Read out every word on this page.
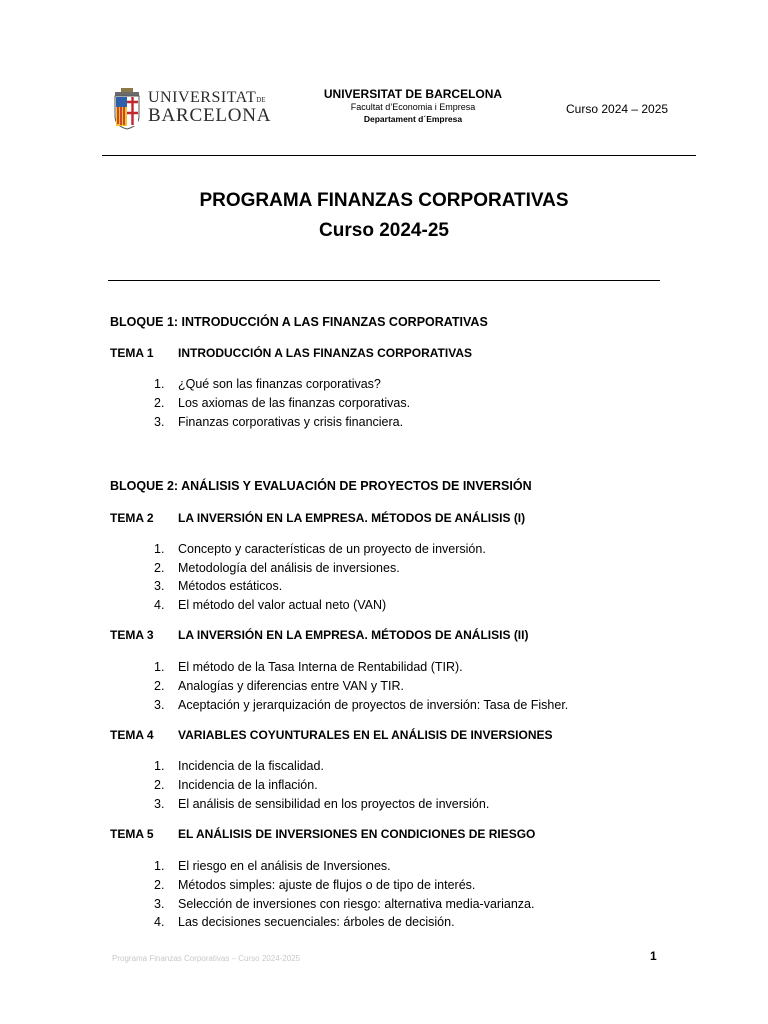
UNIVERSITATDE
BARCELONA
UNIVERSITAT DE BARCELONA
Facultat d’Economia i Empresa
Departament d´Empresa
Curso 2024 – 2025
PROGRAMA FINANZAS CORPORATIVAS
Curso 2024-25
BLOQUE 1: INTRODUCCIÓN A LAS FINANZAS CORPORATIVAS
TEMA 1 INTRODUCCIÓN A LAS FINANZAS CORPORATIVAS
1. ¿Qué son las finanzas corporativas?
2. Los axiomas de las finanzas corporativas.
3. Finanzas corporativas y crisis financiera.
BLOQUE 2: ANÁLISIS Y EVALUACIÓN DE PROYECTOS DE INVERSIÓN
TEMA 2 LA INVERSIÓN EN LA EMPRESA. MÉTODOS DE ANÁLISIS (I)
1. Concepto y características de un proyecto de inversión.
2. Metodología del análisis de inversiones.
3. Métodos estáticos.
4. El método del valor actual neto (VAN)
TEMA 3 LA INVERSIÓN EN LA EMPRESA. MÉTODOS DE ANÁLISIS (II)
1. El método de la Tasa Interna de Rentabilidad (TIR).
2. Analogías y diferencias entre VAN y TIR.
3. Aceptación y jerarquización de proyectos de inversión: Tasa de Fisher.
TEMA 4 VARIABLES COYUNTURALES EN EL ANÁLISIS DE INVERSIONES
1. Incidencia de la fiscalidad.
2. Incidencia de la inflación.
3. El análisis de sensibilidad en los proyectos de inversión.
TEMA 5 EL ANÁLISIS DE INVERSIONES EN CONDICIONES DE RIESGO
1. El riesgo en el análisis de Inversiones.
2. Métodos simples: ajuste de flujos o de tipo de interés.
3. Selección de inversiones con riesgo: alternativa media-varianza.
4. Las decisiones secuenciales: árboles de decisión.
Programa Finanzas Corporativas – Curso 2024-2025	1
